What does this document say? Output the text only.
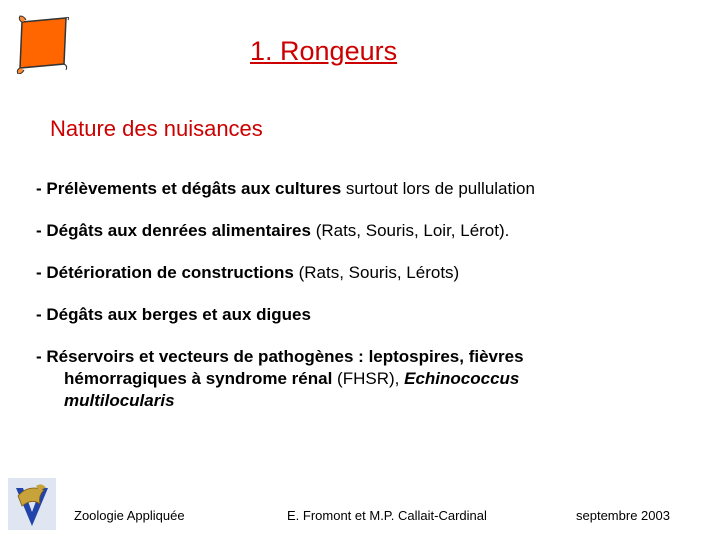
1. Rongeurs
Nature des nuisances
- Prélèvements et dégâts aux cultures surtout lors de pullulation
- Dégâts aux denrées alimentaires (Rats, Souris, Loir, Lérot).
- Détérioration de constructions (Rats, Souris, Lérots)
- Dégâts aux berges et aux digues
- Réservoirs et vecteurs de pathogènes : leptospires, fièvres
hémorragiques à syndrome rénal (FHSR), Echinococcus
multilocularis
Zoologie Appliquée	E. Fromont et M.P. Callait-Cardinal	septembre 2003
